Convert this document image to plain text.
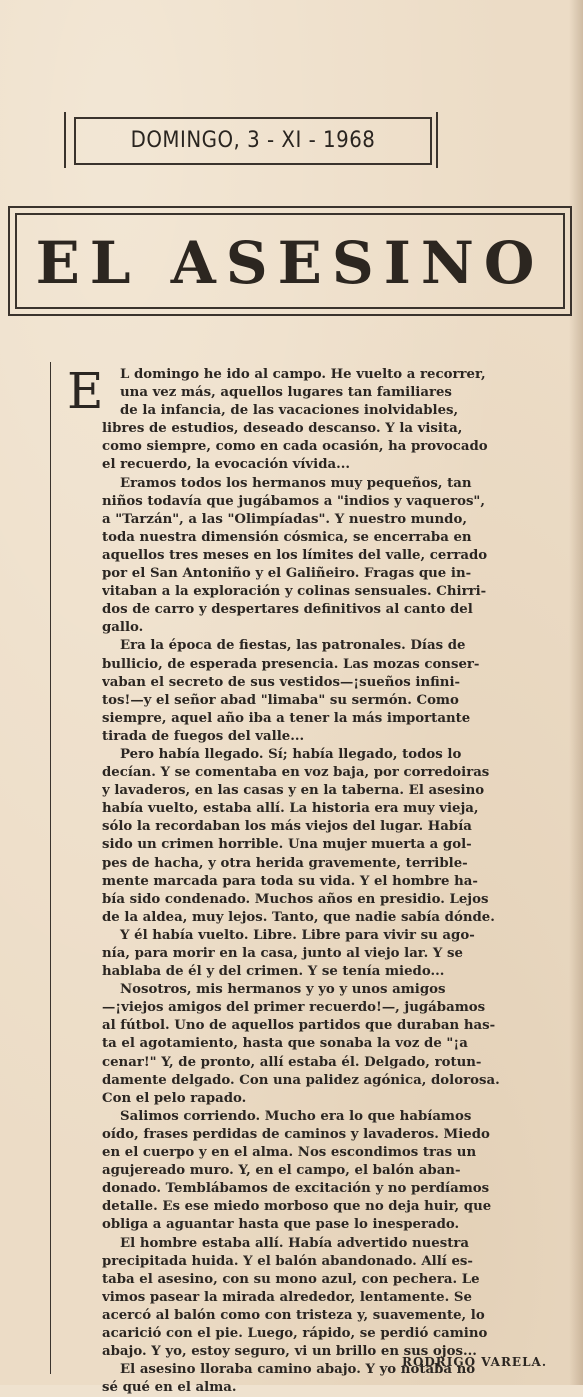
DOMINGO, 3 - XI - 1968
EL ASESINO
E	L domingo he ido al campo. He vuelto a recorrer,
una vez más, aquellos lugares tan familiares
de la infancia, de las vacaciones inolvidables,
libres de estudios, deseado descanso. Y la visita,
como siempre, como en cada ocasión, ha provocado
el recuerdo, la evocación vívida...
Eramos todos los hermanos muy pequeños, tan
niños todavía que jugábamos a "indios y vaqueros",
a "Tarzán", a las "Olimpíadas". Y nuestro mundo,
toda nuestra dimensión cósmica, se encerraba en
aquellos tres meses en los límites del valle, cerrado
por el San Antoniño y el Galiñeiro. Fragas que in-
vitaban a la exploración y colinas sensuales. Chirri-
dos de carro y despertares definitivos al canto del
gallo.
Era la época de fiestas, las patronales. Días de
bullicio, de esperada presencia. Las mozas conser-
vaban el secreto de sus vestidos—¡sueños infini-
tos!—y el señor abad "limaba" su sermón. Como
siempre, aquel año iba a tener la más importante
tirada de fuegos del valle...
Pero había llegado. Sí; había llegado, todos lo
decían. Y se comentaba en voz baja, por corredoiras
y lavaderos, en las casas y en la taberna. El asesino
había vuelto, estaba allí. La historia era muy vieja,
sólo la recordaban los más viejos del lugar. Había
sido un crimen horrible. Una mujer muerta a gol-
pes de hacha, y otra herida gravemente, terrible-
mente marcada para toda su vida. Y el hombre ha-
bía sido condenado. Muchos años en presidio. Lejos
de la aldea, muy lejos. Tanto, que nadie sabía dónde.
Y él había vuelto. Libre. Libre para vivir su ago-
nía, para morir en la casa, junto al viejo lar. Y se
hablaba de él y del crimen. Y se tenía miedo...
Nosotros, mis hermanos y yo y unos amigos
—¡viejos amigos del primer recuerdo!—, jugábamos
al fútbol. Uno de aquellos partidos que duraban has-
ta el agotamiento, hasta que sonaba la voz de "¡a
cenar!" Y, de pronto, allí estaba él. Delgado, rotun-
damente delgado. Con una palidez agónica, dolorosa.
Con el pelo rapado.
Salimos corriendo. Mucho era lo que habíamos
oído, frases perdidas de caminos y lavaderos. Miedo
en el cuerpo y en el alma. Nos escondimos tras un
agujereado muro. Y, en el campo, el balón aban-
donado. Temblábamos de excitación y no perdíamos
detalle. Es ese miedo morboso que no deja huir, que
obliga a aguantar hasta que pase lo inesperado.
El hombre estaba allí. Había advertido nuestra
precipitada huida. Y el balón abandonado. Allí es-
taba el asesino, con su mono azul, con pechera. Le
vimos pasear la mirada alrededor, lentamente. Se
acercó al balón como con tristeza y, suavemente, lo
acarició con el pie. Luego, rápido, se perdió camino
abajo. Y yo, estoy seguro, vi un brillo en sus ojos...
El asesino lloraba camino abajo. Y yo notaba no
sé qué en el alma.
RODRIGO VARELA.
